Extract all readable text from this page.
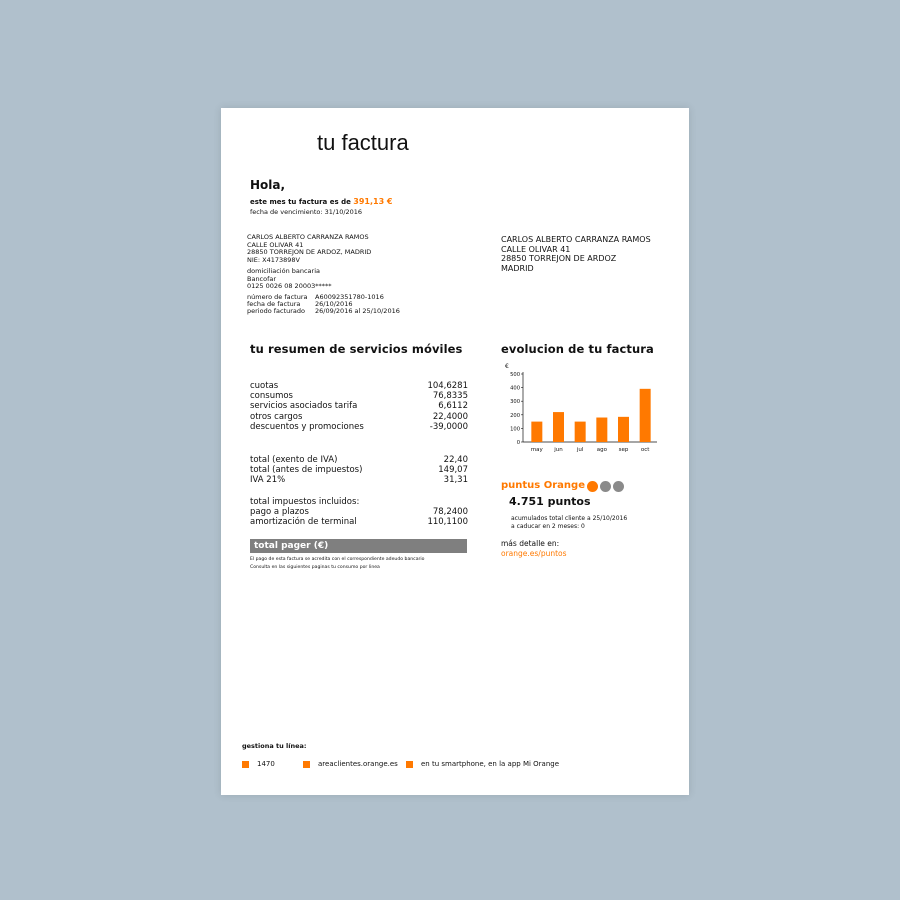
tu factura
Hola,
este mes tu factura es de 391,13 €
fecha de vencimiento: 31/10/2016
CARLOS ALBERTO CARRANZA RAMOS
CALLE OLIVAR 41
28850 TORREJON DE ARDOZ, MADRID
NIE: X4173898V
domiciliación bancaria
Bancofar
0125 0026 08 20003*****
número de factura	A60092351780-1016
fecha de factura	26/10/2016
periodo facturado	26/09/2016 al 25/10/2016
CARLOS ALBERTO CARRANZA RAMOS
CALLE OLIVAR 41
28850 TORREJON DE ARDOZ
MADRID
tu resumen de servicios móviles	evolucion de tu factura
cuotas	104,6281
consumos	76,8335
servicios asociados tarifa	6,6112
otros cargos	22,4000
descuentos y promociones	-39,0000
total (exento de IVA)	22,40
total (antes de impuestos)	149,07
IVA 21%	31,31
total impuestos incluidos:
pago a plazos	78,2400
amortización de terminal	110,1100
total pager (€)
El pago de esta factura se acredita con el correspondiente adeudo bancario
Consulta en las siguientes paginas tu consumo por linea
€
0
100
200
300
400
500
may jun	jul ago sep oct
puntus Orange
4.751 puntos
acumulados total cliente a 25/10/2016
a caducar en 2 meses: 0
más detalle en:
orange.es/puntos
gestiona tu línea:
1470	areaclientes.orange.es	en tu smartphone, en la app Mi Orange
